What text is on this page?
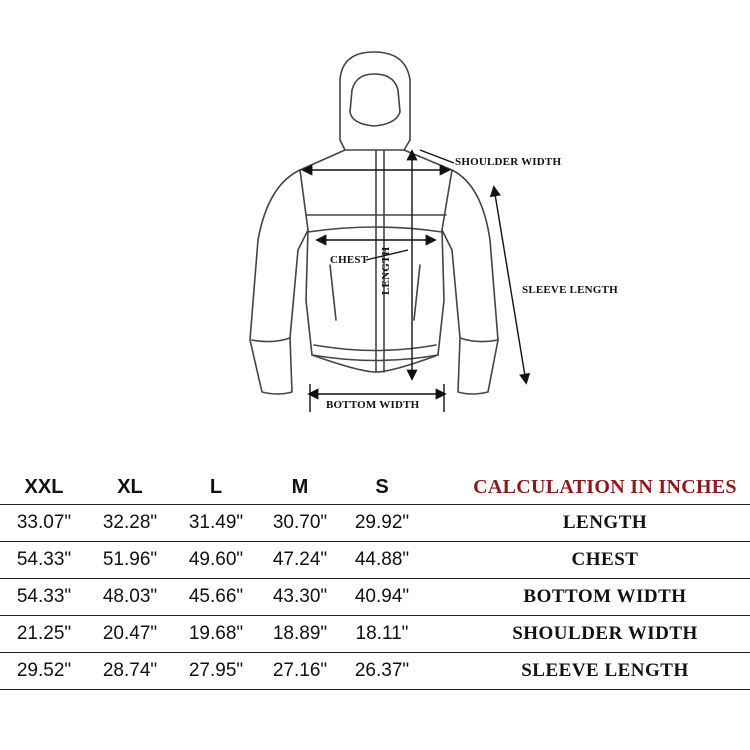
SHOULDER WIDTH
CHEST LENGTH	SLEEVE LENGTH
BOTTOM WIDTH
XXL	XL	L	M	S	CALCULATION IN INCHES
33.07"	32.28"	31.49"	30.70"	29.92"	LENGTH
54.33"	51.96"	49.60"	47.24"	44.88"	CHEST
54.33"	48.03"	45.66"	43.30"	40.94"	BOTTOM WIDTH
21.25"	20.47"	19.68"	18.89"	18.11"	SHOULDER WIDTH
29.52"	28.74"	27.95"	27.16"	26.37"	SLEEVE LENGTH
